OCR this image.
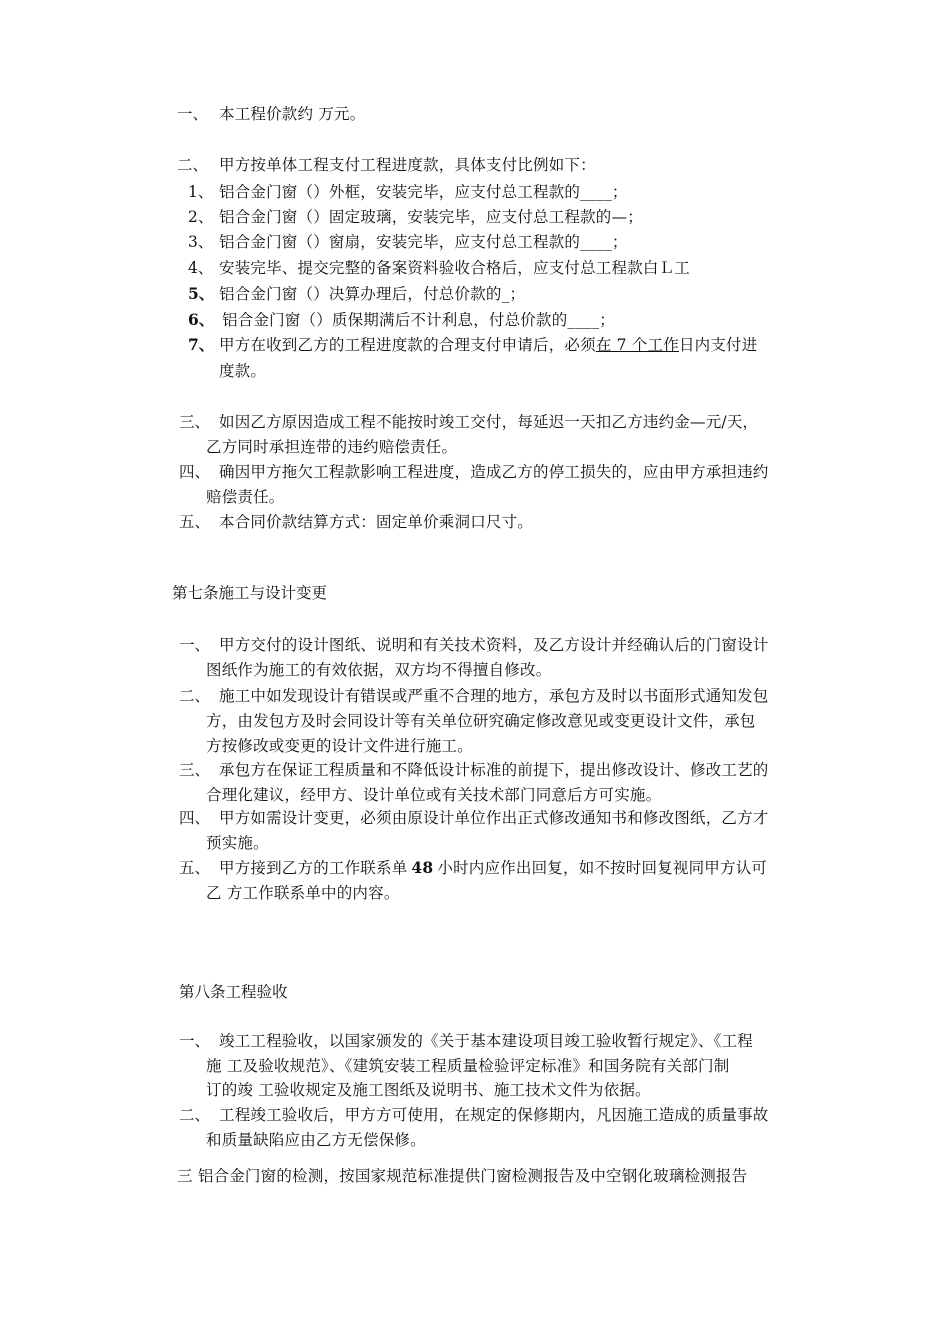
一、 本工程价款约 万元。
二、 甲方按单体工程支付工程进度款，具体支付比例如下：
1、 铝合金门窗（）外框，安装完毕，应支付总工程款的____；
2、 铝合金门窗（）固定玻璃，安装完毕，应支付总工程款的—；
3、 铝合金门窗（）窗扇，安装完毕，应支付总工程款的____；
4、 安装完毕、提交完整的备案资料验收合格后，应支付总工程款白Ｌ工
5、 铝合金门窗（）决算办理后，付总价款的_；
6、 铝合金门窗（）质保期满后不计利息，付总价款的____；
7、 甲方在收到乙方的工程进度款的合理支付申请后，必须在 7 个工作日内支付进
度款。
三、 如因乙方原因造成工程不能按时竣工交付，每延迟一天扣乙方违约金—元/天，
乙方同时承担连带的违约赔偿责任。
四、 确因甲方拖欠工程款影响工程进度，造成乙方的停工损失的，应由甲方承担违约
赔偿责任。
五、 本合同价款结算方式：固定单价乘洞口尺寸。
第七条施工与设计变更
一、 甲方交付的设计图纸、说明和有关技术资料，及乙方设计并经确认后的门窗设计
图纸作为施工的有效依据，双方均不得擅自修改。
二、 施工中如发现设计有错误或严重不合理的地方，承包方及时以书面形式通知发包
方，由发包方及时会同设计等有关单位研究确定修改意见或变更设计文件，承包
方按修改或变更的设计文件进行施工。
三、 承包方在保证工程质量和不降低设计标准的前提下，提出修改设计、修改工艺的
合理化建议，经甲方、设计单位或有关技术部门同意后方可实施。
四、 甲方如需设计变更，必须由原设计单位作出正式修改通知书和修改图纸，乙方才
预实施。
五、 甲方接到乙方的工作联系单 48 小时内应作出回复，如不按时回复视同甲方认可
乙 方工作联系单中的内容。
第八条工程验收
一、 竣工工程验收，以国家颁发的《关于基本建设项目竣工验收暂行规定》、《工程
施 工及验收规范》、《建筑安装工程质量检验评定标准》和国务院有关部门制
订的竣 工验收规定及施工图纸及说明书、施工技术文件为依据。
二、 工程竣工验收后，甲方方可使用，在规定的保修期内，凡因施工造成的质量事故
和质量缺陷应由乙方无偿保修。
三 铝合金门窗的检测，按国家规范标准提供门窗检测报告及中空钢化玻璃检测报告
